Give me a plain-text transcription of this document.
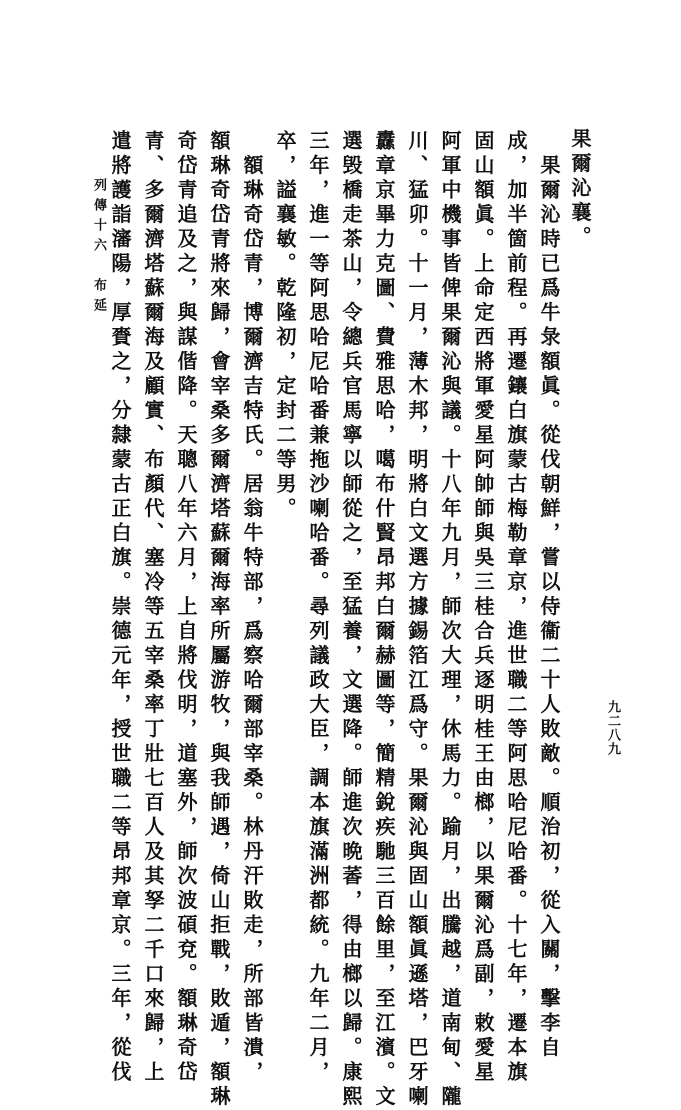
列傳十六　布延
九二八九
果爾沁襄。
　果爾沁時已爲牛彔額眞。從伐朝鮮，嘗以侍衞二十人敗敵。順治初，從入關，擊李自
成，加半箇前程。再遷鑲白旗蒙古梅勒章京，進世職二等阿思哈尼哈番。十七年，遷本旗
固山額眞。上命定西將軍愛星阿帥師與吳三桂合兵逐明桂王由榔，以果爾沁爲副，敕愛星
阿軍中機事皆俾果爾沁與議。十八年九月，師次大理，休馬力。踰月，出騰越，道南甸、隴
川、猛卯。十一月，薄木邦，明將白文選方據錫箔江爲守。果爾沁與固山額眞遜塔，巴牙喇
纛章京畢力克圖、費雅思哈，噶布什賢昂邦白爾赫圖等，簡精銳疾馳三百餘里，至江濱。文
選毁橋走茶山，令總兵官馬寧以師從之，至猛養，文選降。師進次晩萫，得由榔以歸。康熙
三年，進一等阿思哈尼哈番兼拖沙喇哈番。尋列議政大臣，調本旗滿洲都統。九年二月，
卒，謚襄敏。乾隆初，定封二等男。
　額琳奇岱青，博爾濟吉特氏。居翁牛特部，爲察哈爾部宰桑。林丹汗敗走，所部皆潰，
額琳奇岱青將來歸，會宰桑多爾濟塔蘇爾海率所屬游牧，與我師遇，倚山拒戰，敗遁，額琳
奇岱青追及之，與謀偕降。天聰八年六月，上自將伐明，道塞外，師次波碩兗。額琳奇岱
青、多爾濟塔蘇爾海及顧實、布顏代、塞冷等五宰桑率丁壯七百人及其孥二千口來歸，上
遣將護詣瀋陽，厚賚之，分隸蒙古正白旗。崇德元年，授世職二等昂邦章京。三年，從伐
